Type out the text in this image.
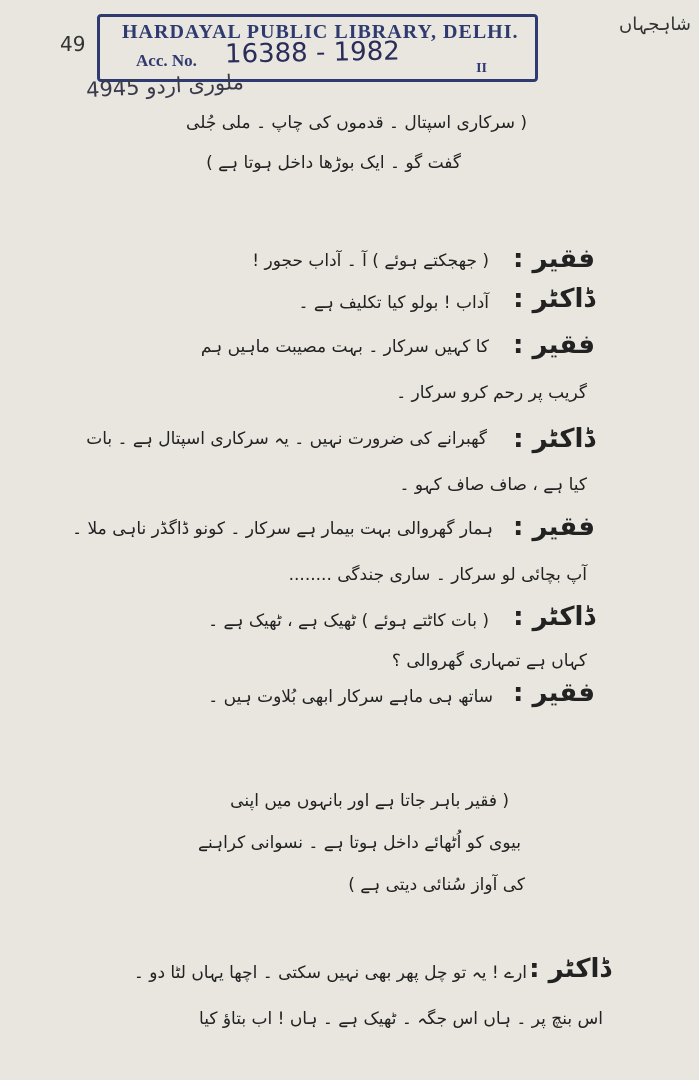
49
شاہجہاں
HARDAYAL PUBLIC LIBRARY, DELHI.
Acc. No.	II
16388 - 1982
4945 ملوری اردو
( سرکاری اسپتال ۔ قدموں کی چاپ ۔ ملی جُلی
گفت گو ۔ ایک بوڑھا داخل ہوتا ہے )
فقیر :
( جھجکتے ہوئے ) آ ۔ آداب حجور !
ڈاکٹر :
آداب ! بولو کیا تکلیف ہے ۔
فقیر :
کا کہیں سرکار ۔ بہت مصیبت ماہیں ہم
گریب پر رحم کرو سرکار ۔
ڈاکٹر :
گھبرانے کی ضرورت نہیں ۔ یہ سرکاری اسپتال ہے ۔ بات
کیا ہے ، صاف صاف کہو ۔
فقیر :
ہمار گھروالی بہت بیمار ہے سرکار ۔ کونو ڈاگڈر ناہی ملا ۔
آپ بچائی لو سرکار ۔ ساری جندگی ........
ڈاکٹر :
( بات کاٹتے ہوئے ) ٹھیک ہے ، ٹھیک ہے ۔
کہاں ہے تمہاری گھروالی ؟
فقیر :
ساتھ ہی ماہے سرکار ابھی بُلاوت ہیں ۔
( فقیر باہر جاتا ہے اور بانہوں میں اپنی
بیوی کو اُٹھائے داخل ہوتا ہے ۔ نسوانی کراہنے
کی آواز سُنائی دیتی ہے )
ڈاکٹر :
ارے ! یہ تو چل پھر بھی نہیں سکتی ۔ اچھا یہاں لٹا دو ۔
اس بنچ پر ۔ ہاں اس جگہ ۔ ٹھیک ہے ۔ ہاں ! اب بتاؤ کیا
